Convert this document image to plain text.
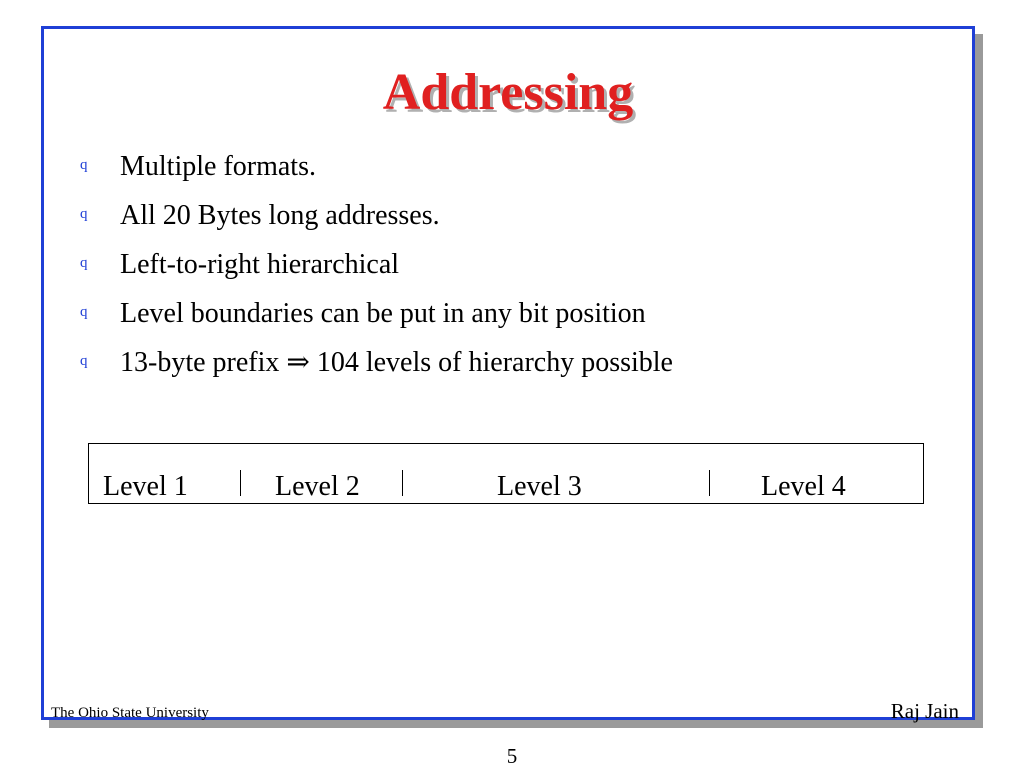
Addressing
q Multiple formats.
q All 20 Bytes long addresses.
q Left-to-right hierarchical
q Level boundaries can be put in any bit position
q 13-byte prefix ⇒ 104 levels of hierarchy possible
Level 1	Level 2	Level 3	Level 4
The Ohio State University	Raj Jain
5
